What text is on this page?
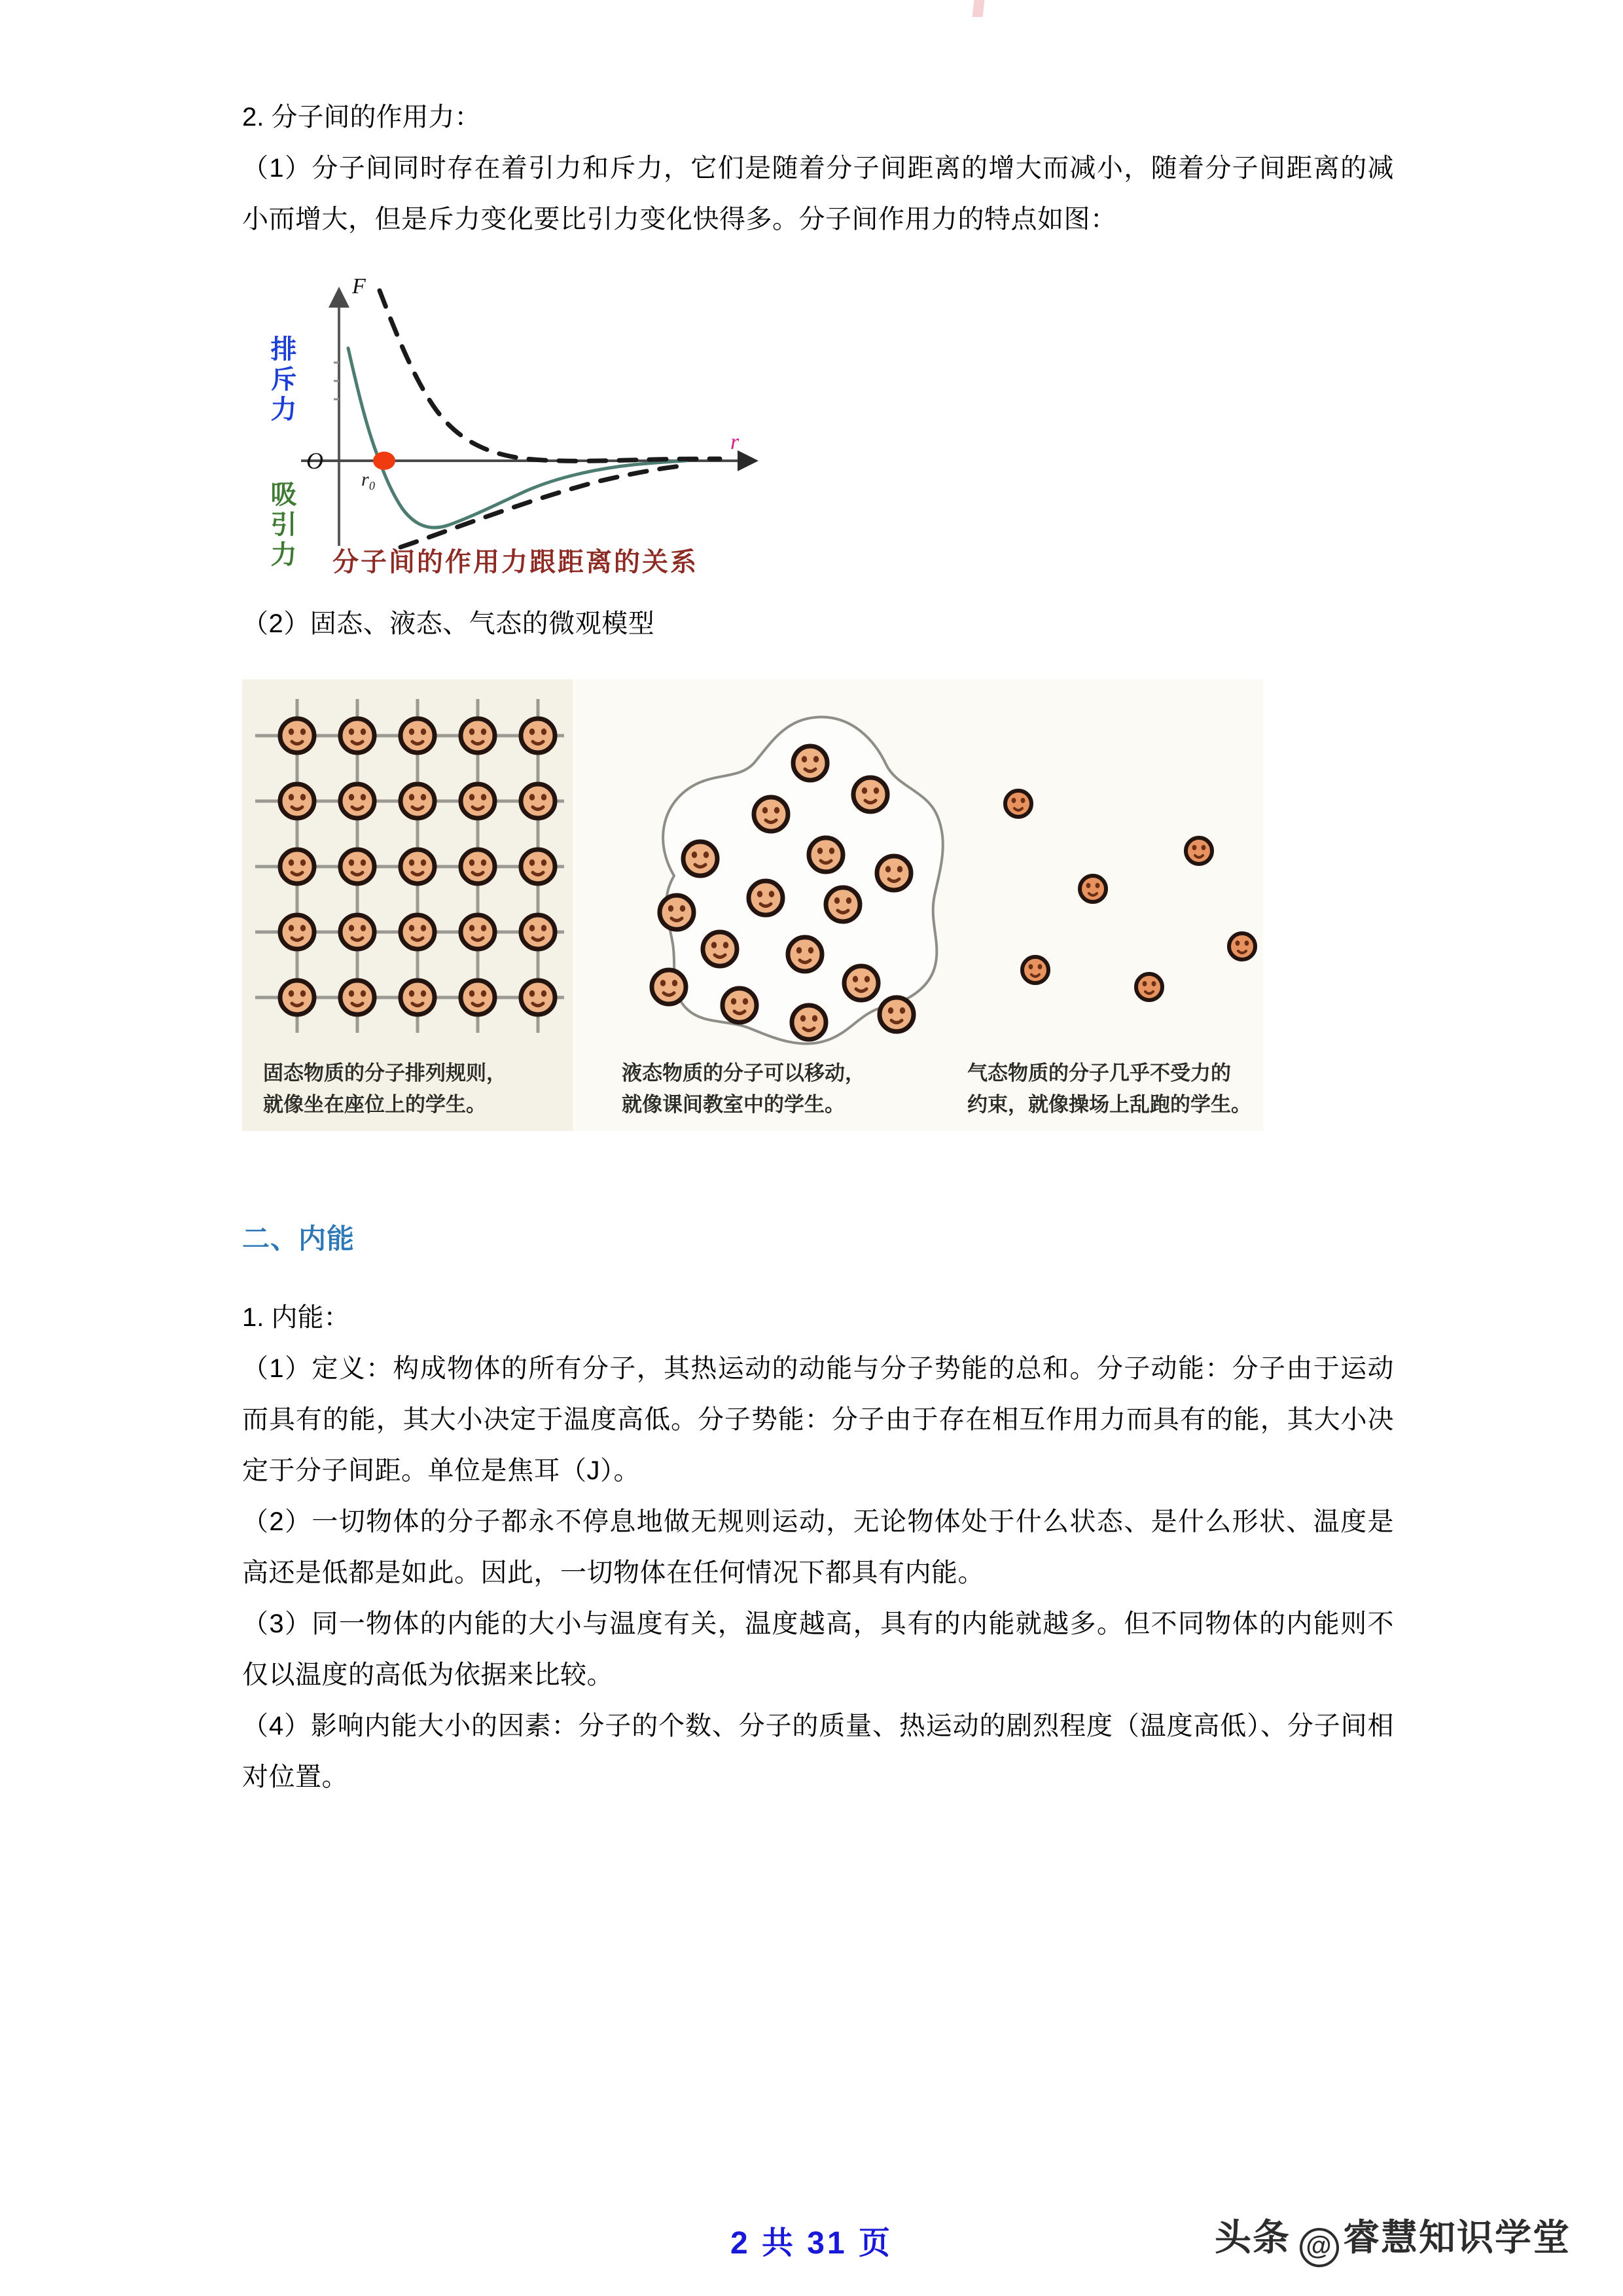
2. 分子间的作用力：

（1）分子间同时存在着引力和斥力，它们是随着分子间距离的增大而减小，随着分子间距离的减小而增大，但是斥力变化要比引力变化快得多。分子间作用力的特点如图：

F
r
O
r₀
排斥力
吸引力 分子间的作用力跟距离的关系

（2）固态、液态、气态的微观模型

固态物质的分子排列规则，
就像坐在座位上的学生。
液态物质的分子可以移动，
就像课间教室中的学生。
气态物质的分子几乎不受力的
约束，就像操场上乱跑的学生。

二、内能

1. 内能：

（1）定义：构成物体的所有分子，其热运动的动能与分子势能的总和。分子动能：分子由于运动而具有的能，其大小决定于温度高低。分子势能：分子由于存在相互作用力而具有的能，其大小决定于分子间距。单位是焦耳（J）。

（2）一切物体的分子都永不停息地做无规则运动，无论物体处于什么状态、是什么形状、温度是高还是低都是如此。因此，一切物体在任何情况下都具有内能。

（3）同一物体的内能的大小与温度有关，温度越高，具有的内能就越多。但不同物体的内能则不仅以温度的高低为依据来比较。

（4）影响内能大小的因素：分子的个数、分子的质量、热运动的剧烈程度（温度高低）、分子间相对位置。

2 共 31 页	头条 @ 睿慧知识学堂
